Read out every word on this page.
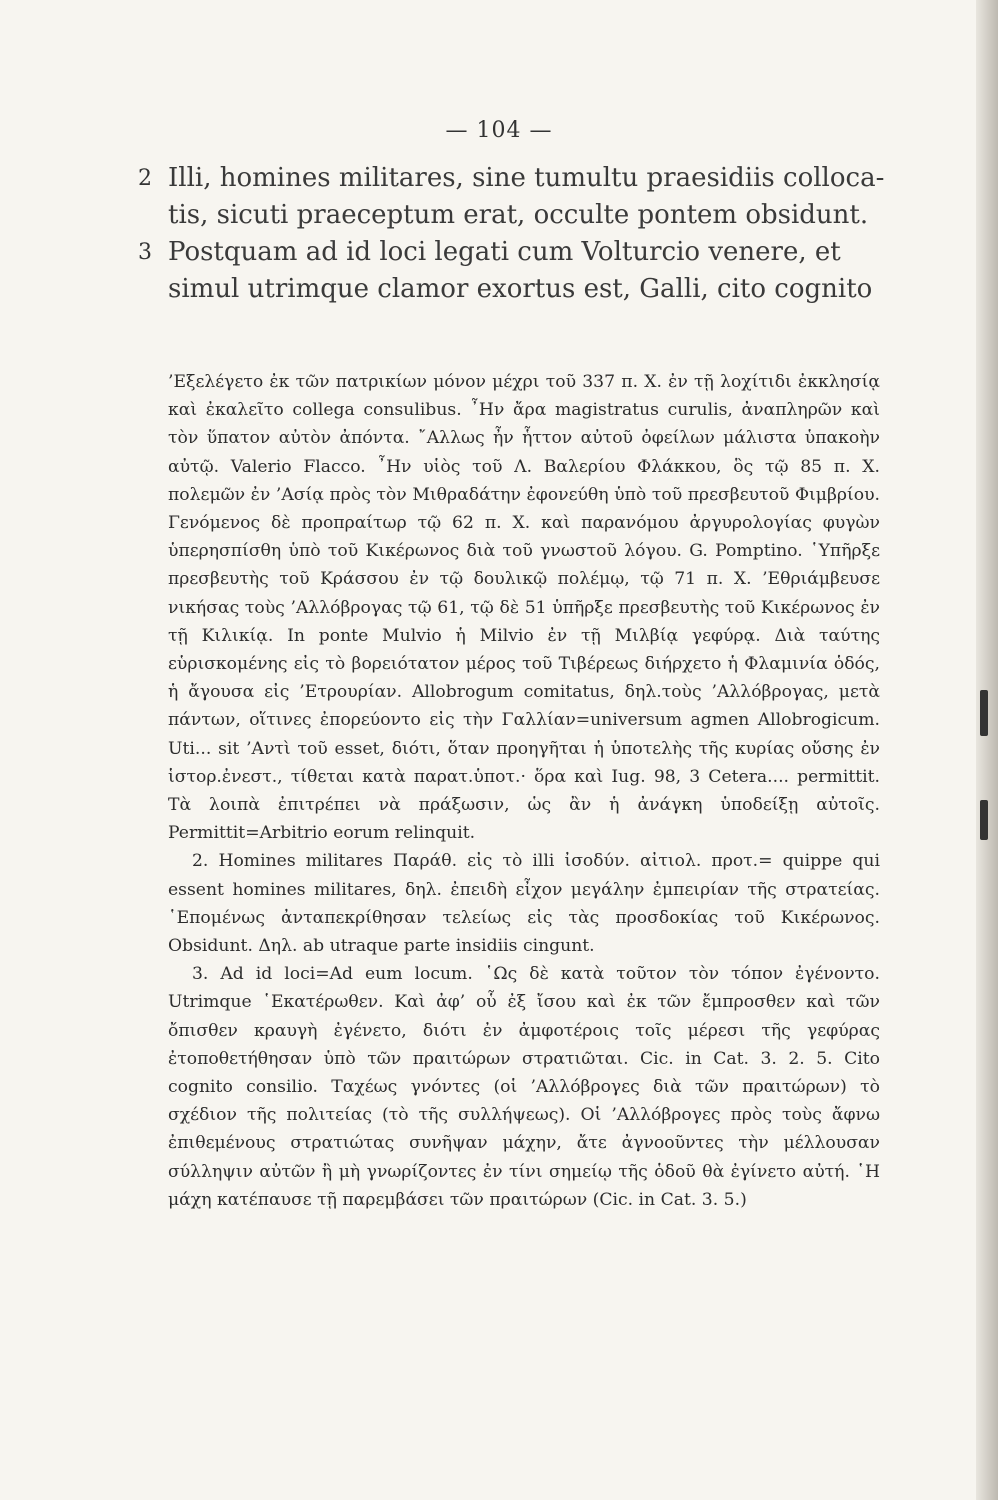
— 104 —
2 Illi, homines militares, sine tumultu praesidiis colloca-
tis, sicuti praeceptum erat, occulte pontem obsidunt.
3 Postquam ad id loci legati cum Volturcio venere, et
simul utrimque clamor exortus est, Galli, cito cognito

’Εξελέγετο ἐκ τῶν πατρικίων μόνον μέχρι τοῦ 337 π. Χ. ἐν τῇ λοχίτιδι ἐκκλησίᾳ καὶ ἐκαλεῖτο collega consulibus. ῏Ην ἄρα magistratus curulis, ἀναπληρῶν καὶ τὸν ὕπατον αὐτὸν ἀπόντα. ῎Αλλως ἦν ἧττον αὐτοῦ ὀφείλων μάλιστα ὑπακοὴν αὐτῷ. Valerio Flacco. ῏Ην υἱὸς τοῦ Λ. Βαλερίου Φλάκκου, ὃς τῷ 85 π. Χ. πολεμῶν ἐν ’Ασίᾳ πρὸς τὸν Μιθραδάτην ἐφονεύθη ὑπὸ τοῦ πρεσβευτοῦ Φιμβρίου. Γενόμενος δὲ προπραίτωρ τῷ 62 π. Χ. καὶ παρανόμου ἀργυρολογίας φυγὼν ὑπερησπίσθη ὑπὸ τοῦ Κικέρωνος διὰ τοῦ γνωστοῦ λόγου. G. Pomptino. ῾Υπῆρξε πρεσβευτὴς τοῦ Κράσσου ἐν τῷ δουλικῷ πολέμῳ, τῷ 71 π. Χ. ’Εθριάμβευσε νικήσας τοὺς ’Αλλόβρογας τῷ 61, τῷ δὲ 51 ὑπῆρξε πρεσβευτὴς τοῦ Κικέρωνος ἐν τῇ Κιλικίᾳ. In ponte Mulvio ἡ Milvio ἐν τῇ Μιλβίᾳ γεφύρᾳ. Διὰ ταύτης εὑρισκομένης εἰς τὸ βορειότατον μέρος τοῦ Τιβέρεως διήρχετο ἡ Φλαμινία ὁδός, ἡ ἄγουσα εἰς ’Ετρουρίαν. Allobrogum comitatus, δηλ.τοὺς ’Αλλόβρογας, μετὰ πάντων, οἵτινες ἐπορεύοντο εἰς τὴν Γαλλίαν=universum agmen Allobrogicum. Uti... sit ’Αντὶ τοῦ esset, διότι, ὅταν προηγῆται ἡ ὑποτελὴς τῆς κυρίας οὔσης ἐν ἱστορ.ἐνεστ., τίθεται κατὰ παρατ.ὑποτ.· ὅρα καὶ Iug. 98, 3 Cetera.... permittit. Τὰ λοιπὰ ἐπιτρέπει νὰ πράξωσιν, ὡς ἂν ἡ ἀνάγκη ὑποδείξῃ αὐτοῖς. Permittit=Arbitrio eorum relinquit.

2. Homines militares Παράθ. εἰς τὸ illi ἰσοδύν. αἰτιολ. προτ.= quippe qui essent homines militares, δηλ. ἐπειδὴ εἶχον μεγάλην ἐμπειρίαν τῆς στρατείας. ῾Επομένως ἀνταπεκρίθησαν τελείως εἰς τὰς προσδοκίας τοῦ Κικέρωνος. Obsidunt. Δηλ. ab utraque parte insidiis cingunt.

3. Ad id loci=Ad eum locum. ῾Ως δὲ κατὰ τοῦτον τὸν τόπον ἐγένοντο. Utrimque ῾Εκατέρωθεν. Καὶ ἀφ’ οὗ ἐξ ἴσου καὶ ἐκ τῶν ἔμπροσθεν καὶ τῶν ὄπισθεν κραυγὴ ἐγένετο, διότι ἐν ἀμφοτέροις τοῖς μέρεσι τῆς γεφύρας ἐτοποθετήθησαν ὑπὸ τῶν πραιτώρων στρατιῶται. Cic. in Cat. 3. 2. 5. Cito cognito consilio. Ταχέως γνόντες (οἱ ’Αλλόβρογες διὰ τῶν πραιτώρων) τὸ σχέδιον τῆς πολιτείας (τὸ τῆς συλλήψεως). Οἱ ’Αλλόβρογες πρὸς τοὺς ἄφνω ἐπιθεμένους στρατιώτας συνῆψαν μάχην, ἄτε ἀγνοοῦντες τὴν μέλλουσαν σύλληψιν αὐτῶν ἢ μὴ γνωρίζοντες ἐν τίνι σημείῳ τῆς ὁδοῦ θὰ ἐγίνετο αὐτή. ῾Η μάχη κατέπαυσε τῇ παρεμβάσει τῶν πραιτώρων (Cic. in Cat. 3. 5.)
